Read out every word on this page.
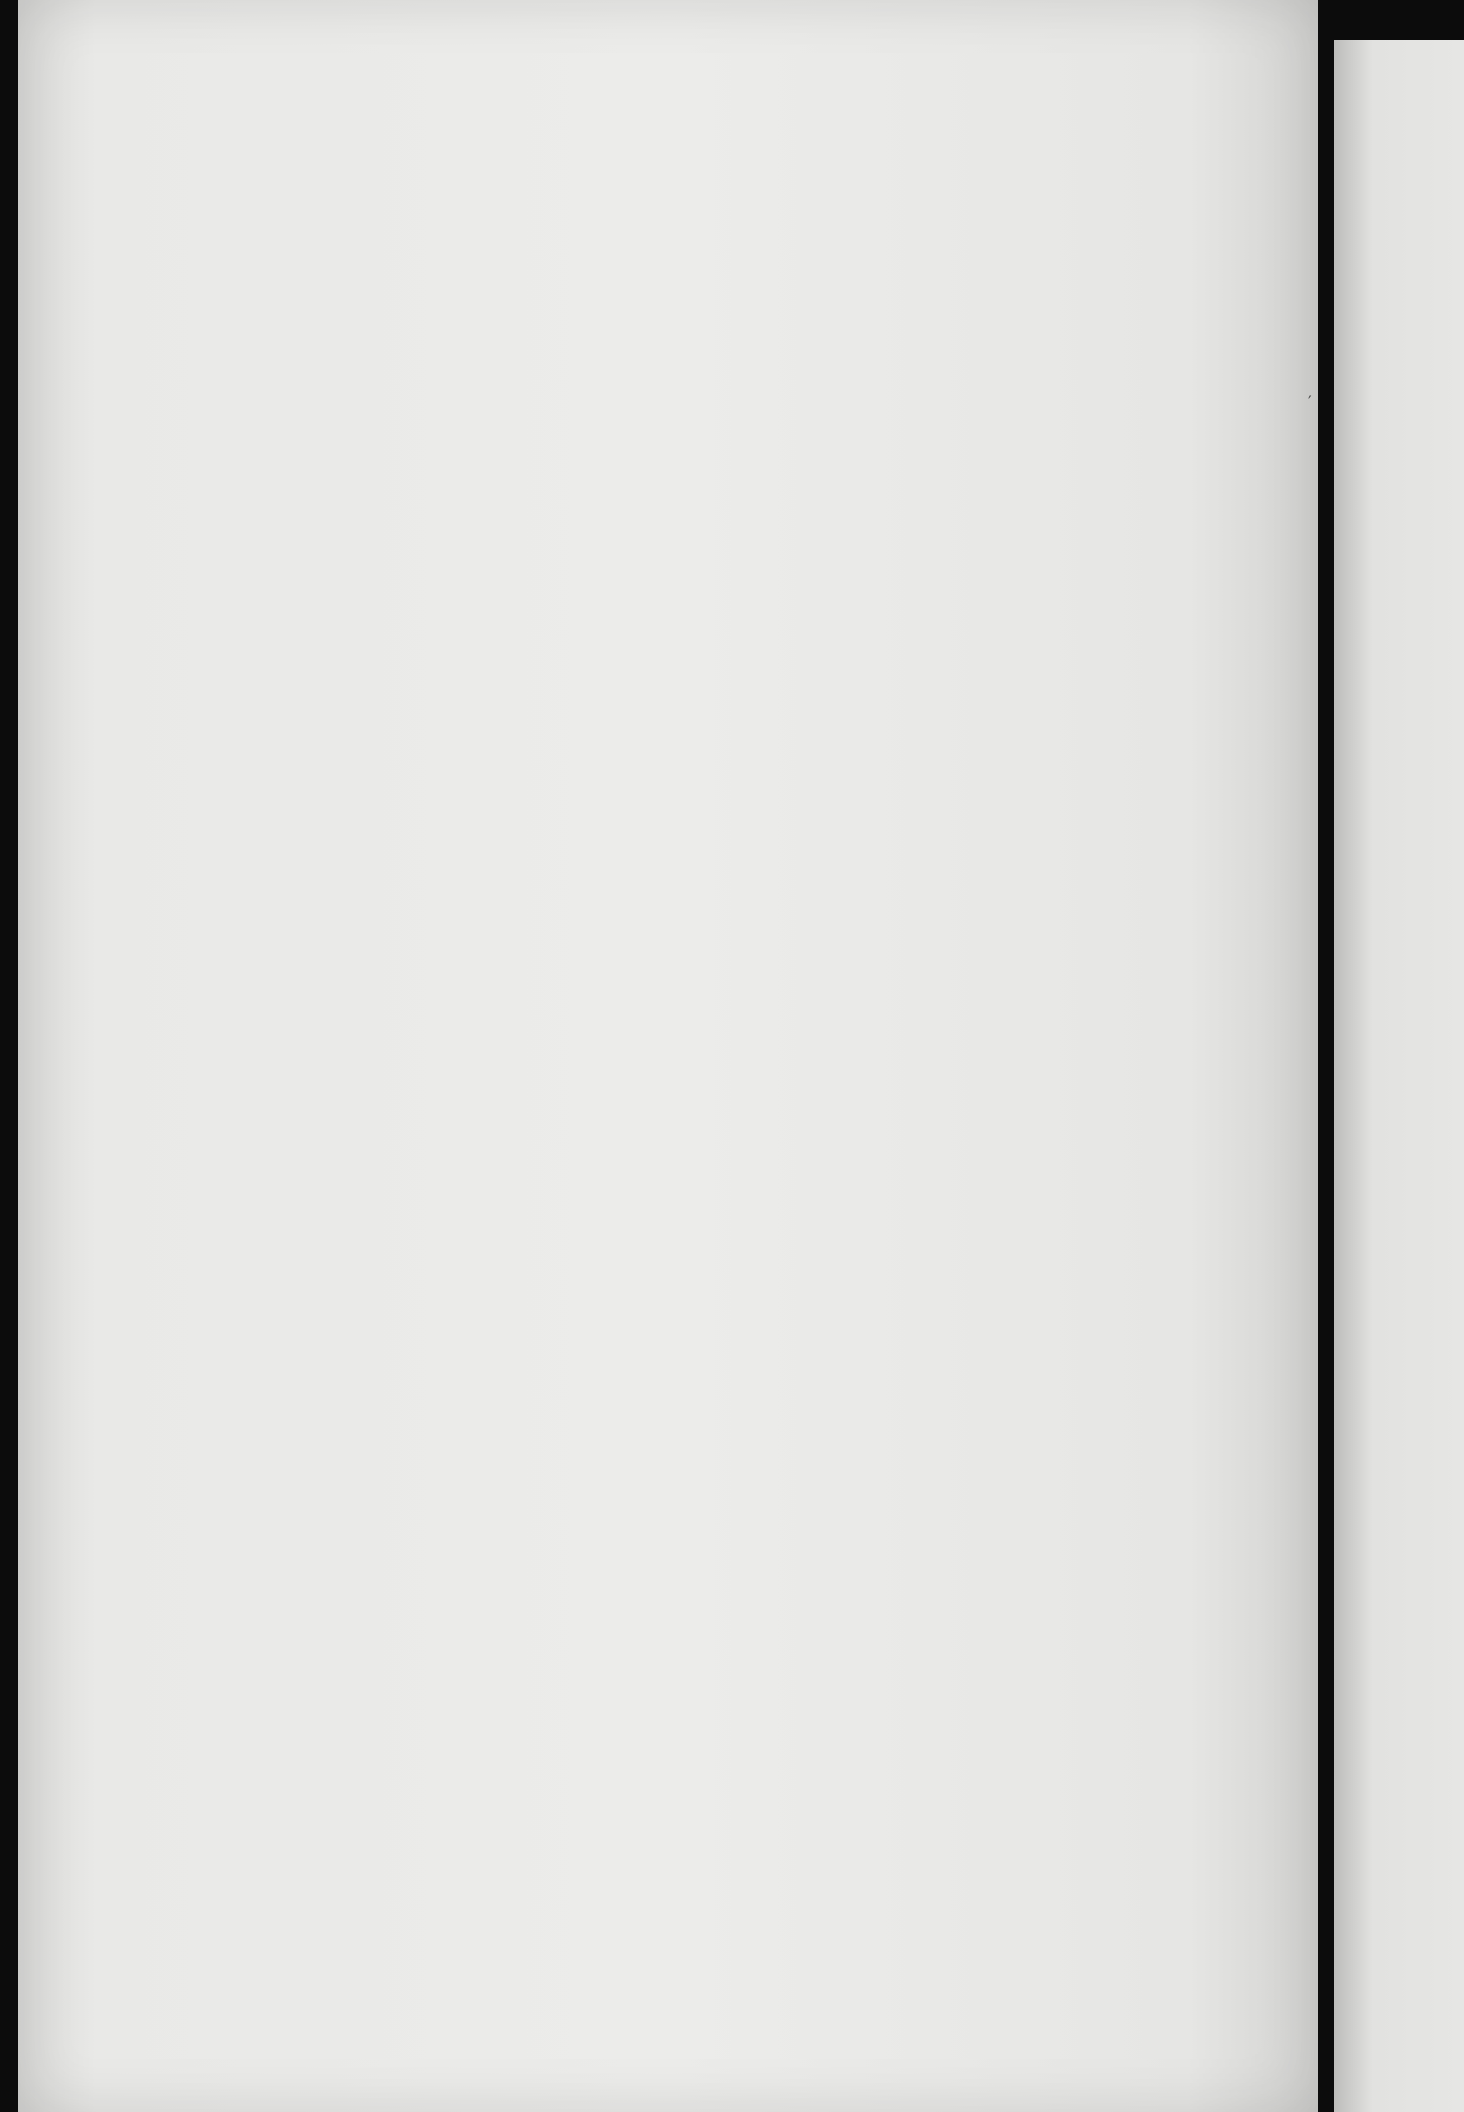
′
